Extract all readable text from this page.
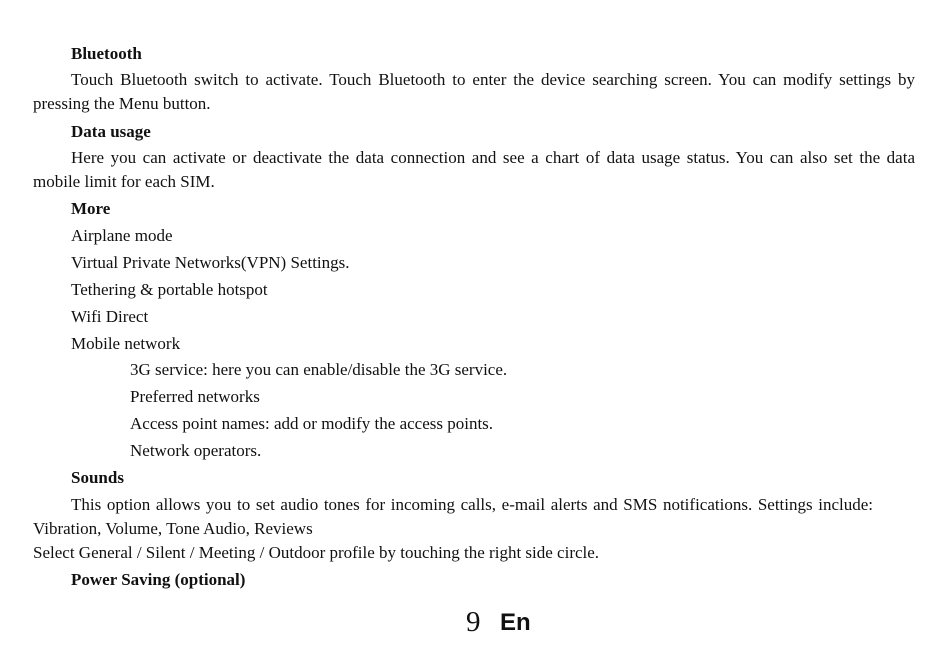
Bluetooth
Touch Bluetooth switch to activate. Touch Bluetooth to enter the device searching screen. You can modify settings by pressing the Menu button.
Data usage
Here you can activate or deactivate the data connection and see a chart of data usage status. You can also set the data mobile limit for each SIM.
More
Airplane mode
Virtual Private Networks(VPN) Settings.
Tethering & portable hotspot
Wifi Direct
Mobile network
3G service: here you can enable/disable the 3G service.
Preferred networks
Access point names: add or modify the access points.
Network operators.
Sounds
This option allows you to set audio tones for incoming calls, e-mail alerts and SMS notifications. Settings include: Vibration, Volume, Tone Audio, Reviews
Select General / Silent / Meeting / Outdoor profile by touching the right side circle.
Power Saving (optional)
9 En
